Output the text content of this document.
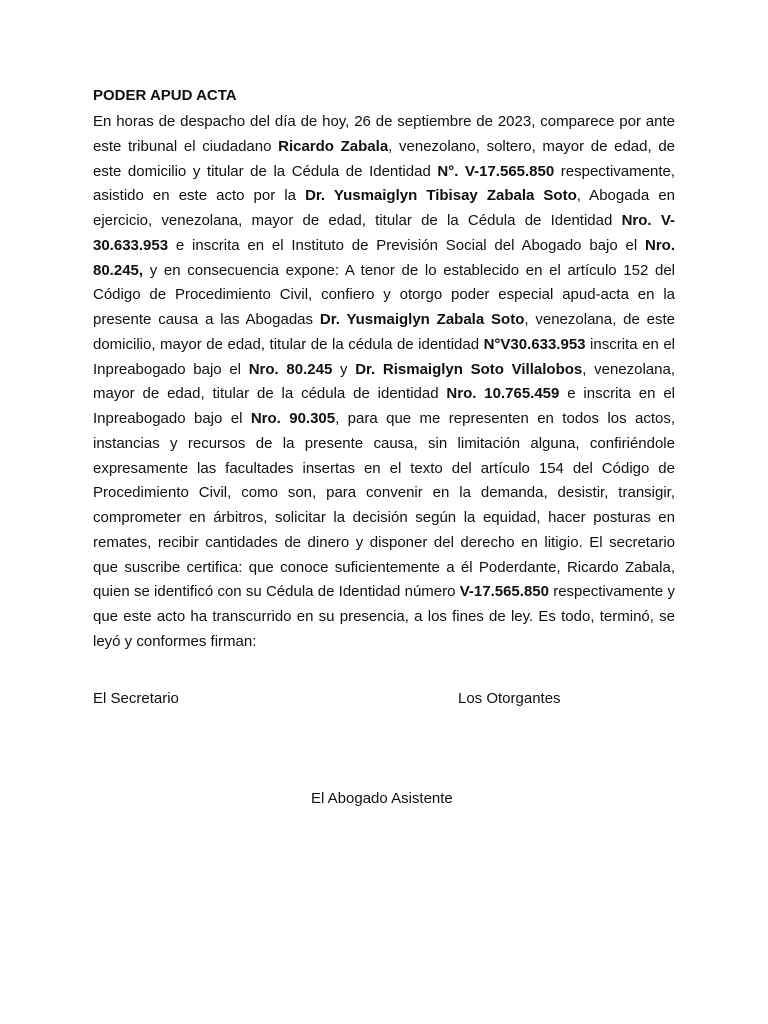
PODER APUD ACTA

En horas de despacho del día de hoy, 26 de septiembre de 2023, comparece por ante este tribunal el ciudadano Ricardo Zabala, venezolano, soltero, mayor de edad, de este domicilio y titular de la Cédula de Identidad N°. V-17.565.850 respectivamente, asistido en este acto por la Dr. Yusmaiglyn Tibisay Zabala Soto, Abogada en ejercicio, venezolana, mayor de edad, titular de la Cédula de Identidad Nro. V-30.633.953 e inscrita en el Instituto de Previsión Social del Abogado bajo el Nro. 80.245, y en consecuencia expone: A tenor de lo establecido en el artículo 152 del Código de Procedimiento Civil, confiero y otorgo poder especial apud-acta en la presente causa a las Abogadas Dr. Yusmaiglyn Zabala Soto, venezolana, de este domicilio, mayor de edad, titular de la cédula de identidad N°V30.633.953 inscrita en el Inpreabogado bajo el Nro. 80.245 y Dr. Rismaiglyn Soto Villalobos, venezolana, mayor de edad, titular de la cédula de identidad Nro. 10.765.459 e inscrita en el Inpreabogado bajo el Nro. 90.305, para que me representen en todos los actos, instancias y recursos de la presente causa, sin limitación alguna, confiriéndole expresamente las facultades insertas en el texto del artículo 154 del Código de Procedimiento Civil, como son, para convenir en la demanda, desistir, transigir, comprometer en árbitros, solicitar la decisión según la equidad, hacer posturas en remates, recibir cantidades de dinero y disponer del derecho en litigio. El secretario que suscribe certifica: que conoce suficientemente a él Poderdante, Ricardo Zabala, quien se identificó con su Cédula de Identidad número V-17.565.850 respectivamente y que este acto ha transcurrido en su presencia, a los fines de ley. Es todo, terminó, se leyó y conformes firman:

El Secretario	Los Otorgantes

El Abogado Asistente
